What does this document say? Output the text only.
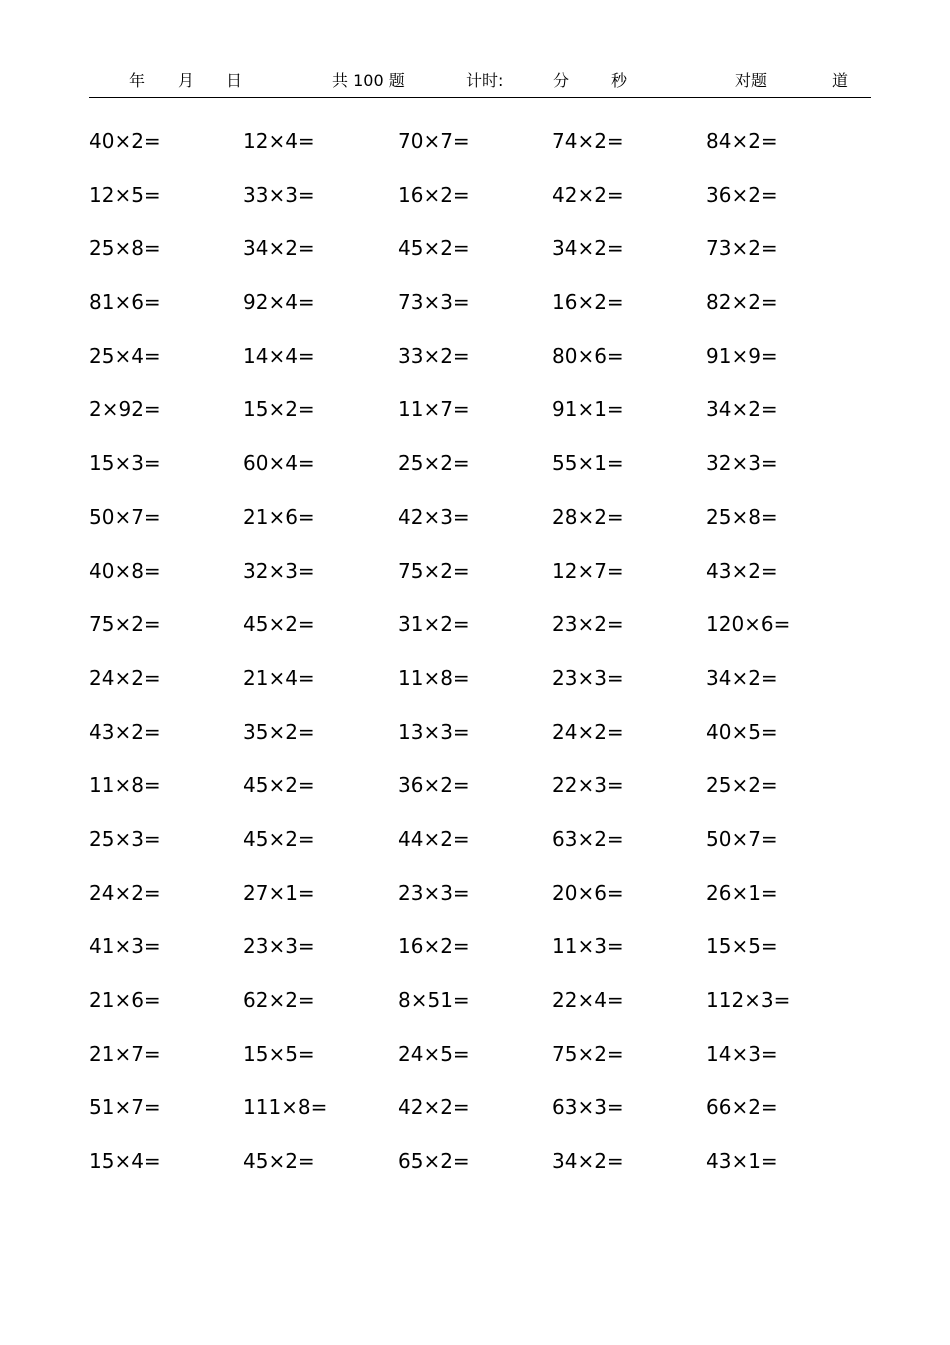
年 月 日	共 100 题	计时:	分	秒	对题	道
40×2=	12×4=	70×7=	74×2=	84×2=
12×5=	33×3=	16×2=	42×2=	36×2=
25×8=	34×2=	45×2=	34×2=	73×2=
81×6=	92×4=	73×3=	16×2=	82×2=
25×4=	14×4=	33×2=	80×6=	91×9=
2×92=	15×2=	11×7=	91×1=	34×2=
15×3=	60×4=	25×2=	55×1=	32×3=
50×7=	21×6=	42×3=	28×2=	25×8=
40×8=	32×3=	75×2=	12×7=	43×2=
75×2=	45×2=	31×2=	23×2=	120×6=
24×2=	21×4=	11×8=	23×3=	34×2=
43×2=	35×2=	13×3=	24×2=	40×5=
11×8=	45×2=	36×2=	22×3=	25×2=
25×3=	45×2=	44×2=	63×2=	50×7=
24×2=	27×1=	23×3=	20×6=	26×1=
41×3=	23×3=	16×2=	11×3=	15×5=
21×6=	62×2=	8×51=	22×4=	112×3=
21×7=	15×5=	24×5=	75×2=	14×3=
51×7=	111×8=	42×2=	63×3=	66×2=
15×4=	45×2=	65×2=	34×2=	43×1=
